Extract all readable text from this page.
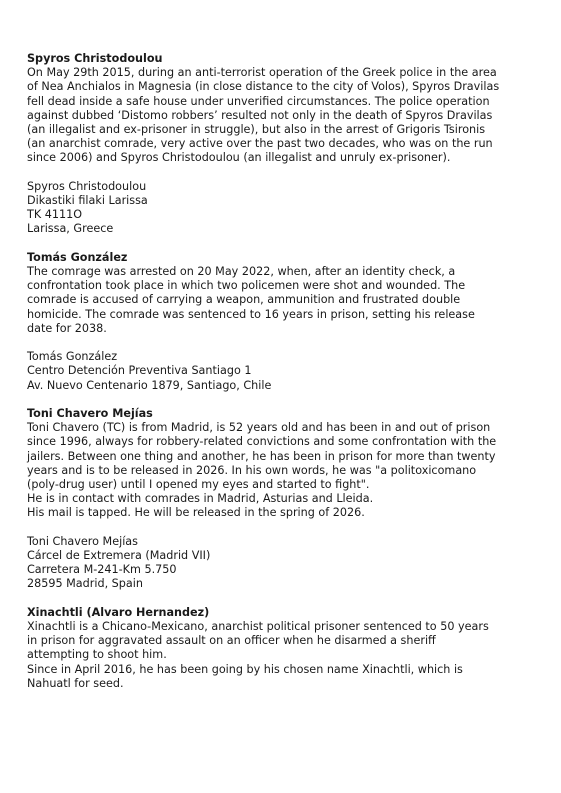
Spyros Christodoulou
On May 29th 2015, during an anti-terrorist operation of the Greek police in the area
of Nea Anchialos in Magnesia (in close distance to the city of Volos), Spyros Dravilas
fell dead inside a safe house under unverified circumstances. The police operation
against dubbed ‘Distomo robbers’ resulted not only in the death of Spyros Dravilas
(an illegalist and ex-prisoner in struggle), but also in the arrest of Grigoris Tsironis
(an anarchist comrade, very active over the past two decades, who was on the run
since 2006) and Spyros Christodoulou (an illegalist and unruly ex-prisoner).
Spyros Christodoulou
Dikastiki filaki Larissa
TK 4111O
Larissa, Greece
Tomás González
The comrage was arrested on 20 May 2022, when, after an identity check, a
confrontation took place in which two policemen were shot and wounded. The
comrade is accused of carrying a weapon, ammunition and frustrated double
homicide. The comrade was sentenced to 16 years in prison, setting his release
date for 2038.
Tomás González
Centro Detención Preventiva Santiago 1
Av. Nuevo Centenario 1879, Santiago, Chile
Toni Chavero Mejías
Toni Chavero (TC) is from Madrid, is 52 years old and has been in and out of prison
since 1996, always for robbery-related convictions and some confrontation with the
jailers. Between one thing and another, he has been in prison for more than twenty
years and is to be released in 2026. In his own words, he was "a politoxicomano
(poly-drug user) until I opened my eyes and started to fight".
He is in contact with comrades in Madrid, Asturias and Lleida.
His mail is tapped. He will be released in the spring of 2026.
Toni Chavero Mejías
Cárcel de Extremera (Madrid VII)
Carretera M-241-Km 5.750
28595 Madrid, Spain
Xinachtli (Alvaro Hernandez)
Xinachtli is a Chicano-Mexicano, anarchist political prisoner sentenced to 50 years
in prison for aggravated assault on an officer when he disarmed a sheriff
attempting to shoot him.
Since in April 2016, he has been going by his chosen name Xinachtli, which is
Nahuatl for seed.
